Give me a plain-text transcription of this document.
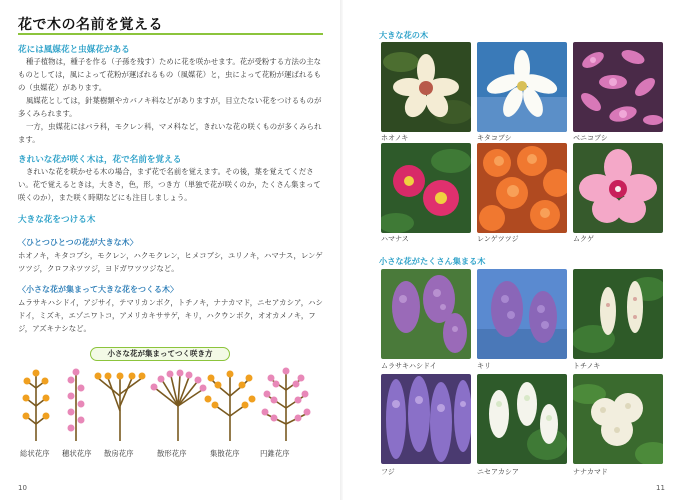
花で木の名前を覚える
花には風媒花と虫媒花がある
種子植物は，種子を作る（子孫を残す）ために花を咲かせます。花が受粉する方法の主なものとしては，風によって花粉が運ばれるもの（風媒花）と，虫によって花粉が運ばれるもの（虫媒花）があります。
風媒花としては，針葉樹類やカバノキ科などがありますが，目立たない花をつけるものが多くみられます。
一方，虫媒花にはバラ科，モクレン科，マメ科など，きれいな花の咲くものが多くみられます。
きれいな花が咲く木は，花で名前を覚える
きれいな花を咲かせる木の場合，まず花で名前を覚えます。その後，葉を覚えてください。花で覚えるときは，大きさ，色，形，つき方（単独で花が咲くのか，たくさん集まって咲くのか），また咲く時期などにも注目しましょう。
大きな花をつける木
〈ひとつひとつの花が大きな木〉
ホオノキ，キタコブシ，モクレン，ハクモクレン，ヒメコブシ，ユリノキ，ハマナス，レンゲツツジ，クロフネツツジ，ヨドガワツツジなど。
〈小さな花が集まって大きな花をつくる木〉
ムラサキハシドイ，アジサイ，テマリカンボク，トチノキ，ナナカマド，ニセアカシア，ハシドイ，ミズキ，エゾニワトコ，アメリカキササゲ，キリ，ハクウンボク，オオカメノキ，フジ，アズキナシなど。
小さな花が集まってつく咲き方
総状花序 穂状花序 散房花序	散形花序	集散花序	円錐花序
10
大きな花の木
ホオノキ	キタコブシ	ベニコブシ
ハマナス	レンゲツツジ	ムクゲ
小さな花がたくさん集まる木
ムラサキハシドイ	キリ	トチノキ
フジ	ニセアカシア	ナナカマド
11
